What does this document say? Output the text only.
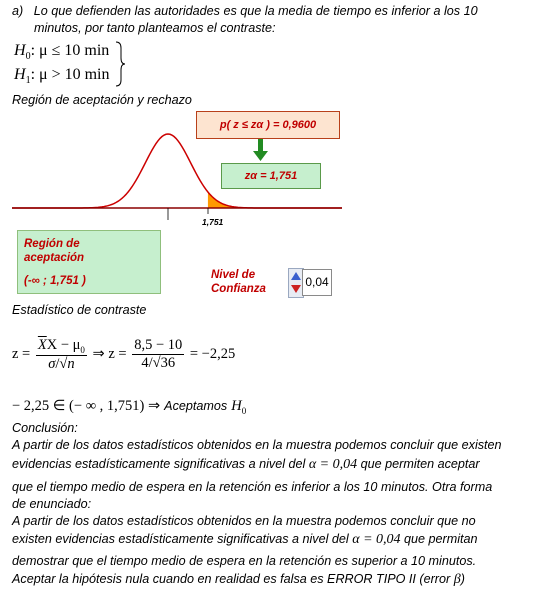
a) Lo que defienden las autoridades es que la media de tiempo es inferior a los 10
minutos, por tanto planteamos el contraste:
$H_0$: μ ≤ 10 min
$H_1$: μ > 10 min
Región de aceptación y rechazo
1,751
p( z ≤ zα ) = 0,9600
zα = 1,751
Región de
aceptación
(-∞ ; 1,751 )	Nivel de
Confianza	0,04
Estadístico de contraste
$z = \frac{\overline{X}X - \mu_0}{\sigma/√n}$ ⇒ $z = \frac{8,5 - 10}{4/√36} = -2,25$
− 2,25 ∈ (− ∞ , 1,751) ⇒ Aceptamos $H_0$
Conclusión:
A partir de los datos estadísticos obtenidos en la muestra podemos concluir que existen
evidencias estadísticamente significativas a nivel del α = 0,04 que permiten aceptar
que el tiempo medio de espera en la retención es inferior a los 10 minutos. Otra forma
de enunciado:
A partir de los datos estadísticos obtenidos en la muestra podemos concluir que no
existen evidencias estadísticamente significativas a nivel del α = 0,04 que permitan
demostrar que el tiempo medio de espera en la retención es superior a 10 minutos.
Aceptar la hipótesis nula cuando en realidad es falsa es ERROR TIPO II (error β)
